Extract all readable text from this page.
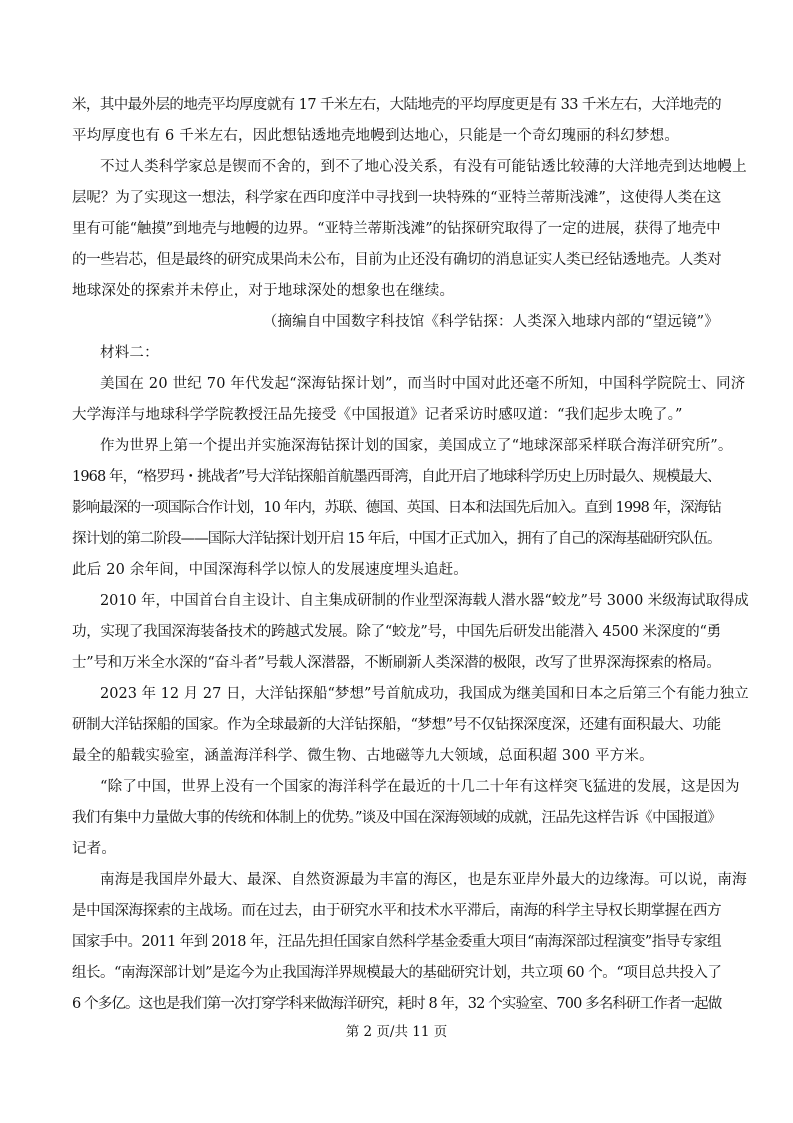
米，其中最外层的地壳平均厚度就有 17 千米左右，大陆地壳的平均厚度更是有 33 千米左右，大洋地壳的
平均厚度也有 6 千米左右，因此想钻透地壳地幔到达地心，只能是一个奇幻瑰丽的科幻梦想。
不过人类科学家总是锲而不舍的，到不了地心没关系，有没有可能钻透比较薄的大洋地壳到达地幔上
层呢？为了实现这一想法，科学家在西印度洋中寻找到一块特殊的“亚特兰蒂斯浅滩”，这使得人类在这
里有可能“触摸”到地壳与地幔的边界。“亚特兰蒂斯浅滩”的钻探研究取得了一定的进展，获得了地壳中
的一些岩芯，但是最终的研究成果尚未公布，目前为止还没有确切的消息证实人类已经钻透地壳。人类对
地球深处的探索并未停止，对于地球深处的想象也在继续。
（摘编自中国数字科技馆《科学钻探：人类深入地球内部的“望远镜”》
材料二：
美国在 20 世纪 70 年代发起“深海钻探计划”，而当时中国对此还毫不所知，中国科学院院士、同济
大学海洋与地球科学学院教授汪品先接受《中国报道》记者采访时感叹道：“我们起步太晚了。”
作为世界上第一个提出并实施深海钻探计划的国家，美国成立了“地球深部采样联合海洋研究所”。
1968 年，“格罗玛・挑战者”号大洋钻探船首航墨西哥湾，自此开启了地球科学历史上历时最久、规模最大、
影响最深的一项国际合作计划，10 年内，苏联、德国、英国、日本和法国先后加入。直到 1998 年，深海钻
探计划的第二阶段——国际大洋钻探计划开启 15 年后，中国才正式加入，拥有了自己的深海基础研究队伍。
此后 20 余年间，中国深海科学以惊人的发展速度埋头追赶。
2010 年，中国首台自主设计、自主集成研制的作业型深海载人潜水器“蛟龙”号 3000 米级海试取得成
功，实现了我国深海装备技术的跨越式发展。除了“蛟龙”号，中国先后研发出能潜入 4500 米深度的“勇
士”号和万米全水深的“奋斗者”号载人深潜器，不断刷新人类深潜的极限，改写了世界深海探索的格局。
2023 年 12 月 27 日，大洋钻探船“梦想”号首航成功，我国成为继美国和日本之后第三个有能力独立
研制大洋钻探船的国家。作为全球最新的大洋钻探船，“梦想”号不仅钻探深度深，还建有面积最大、功能
最全的船载实验室，涵盖海洋科学、微生物、古地磁等九大领域，总面积超 300 平方米。
“除了中国，世界上没有一个国家的海洋科学在最近的十几二十年有这样突飞猛进的发展，这是因为
我们有集中力量做大事的传统和体制上的优势。”谈及中国在深海领域的成就，汪品先这样告诉《中国报道》
记者。
南海是我国岸外最大、最深、自然资源最为丰富的海区，也是东亚岸外最大的边缘海。可以说，南海
是中国深海探索的主战场。而在过去，由于研究水平和技术水平滞后，南海的科学主导权长期掌握在西方
国家手中。2011 年到 2018 年，汪品先担任国家自然科学基金委重大项目“南海深部过程演变”指导专家组
组长。“南海深部计划”是迄今为止我国海洋界规模最大的基础研究计划，共立项 60 个。“项目总共投入了
6 个多亿。这也是我们第一次打穿学科来做海洋研究，耗时 8 年，32 个实验室、700 多名科研工作者一起做
第 2 页/共 11 页
